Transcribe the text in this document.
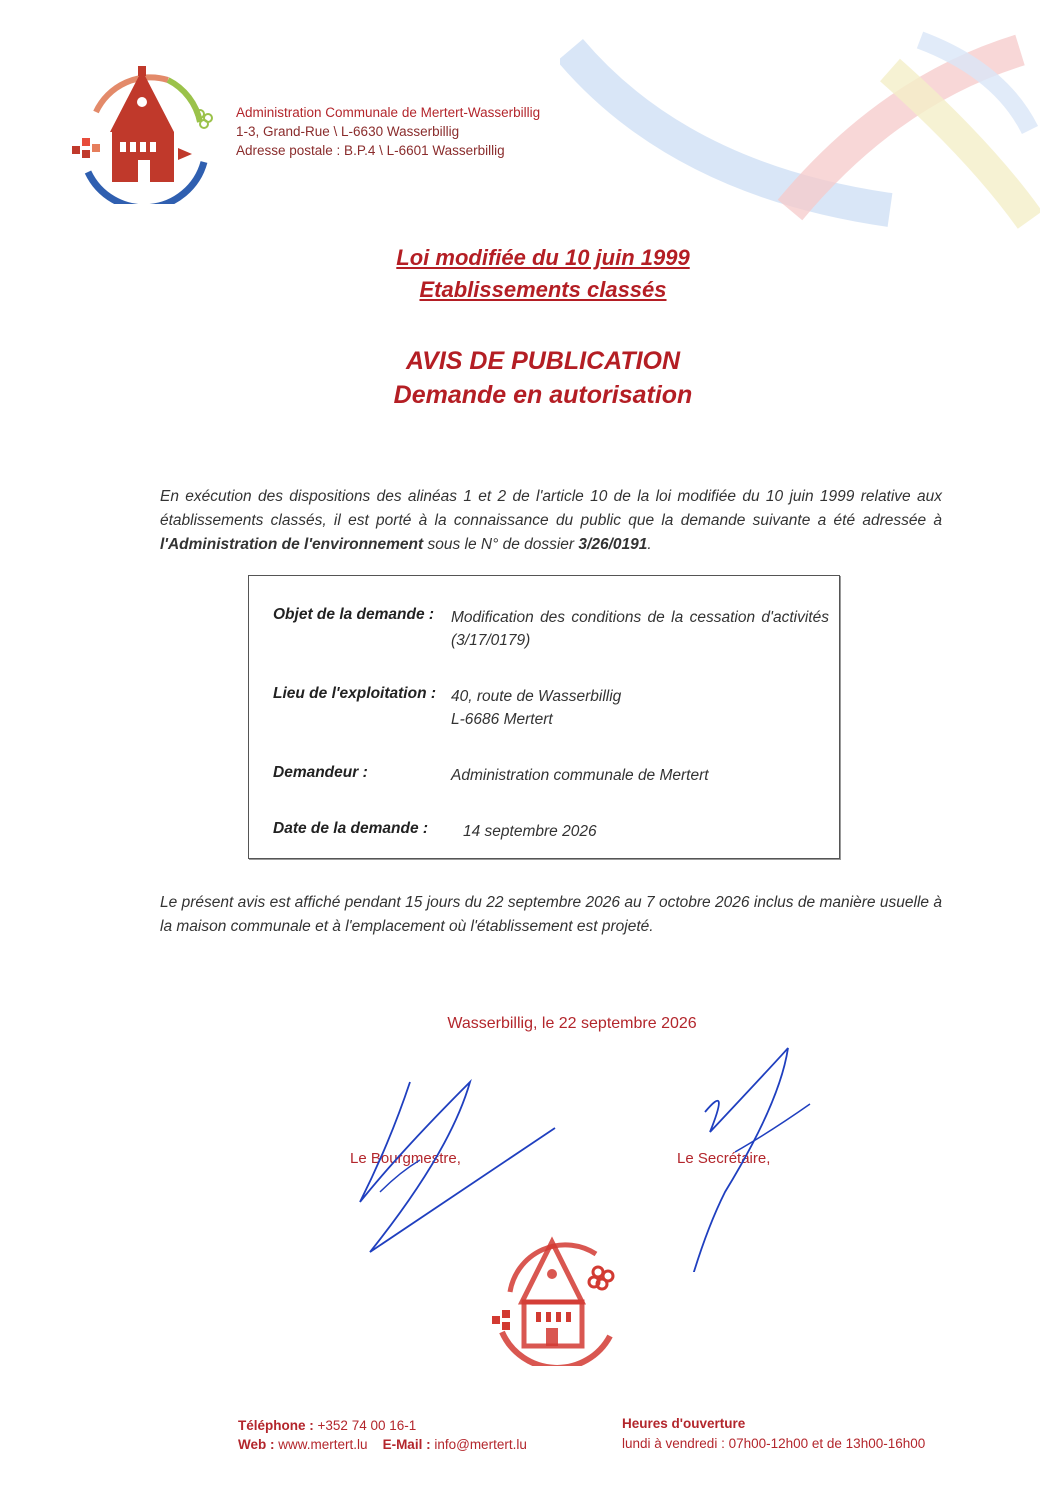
Administration Communale de Mertert-Wasserbillig
1-3, Grand-Rue \ L-6630 Wasserbillig
Adresse postale : B.P.4 \ L-6601 Wasserbillig
Loi modifiée du 10 juin 1999
Etablissements classés
AVIS DE PUBLICATION
Demande en autorisation
En exécution des dispositions des alinéas 1 et 2 de l'article 10 de la loi modifiée du 10 juin 1999 relative aux établissements classés, il est porté à la connaissance du public que la demande suivante a été adressée à l'Administration de l'environnement sous le N° de dossier 3/26/0191.
Objet de la demande : Modification des conditions de la cessation d'activités (3/17/0179)
Lieu de l'exploitation : 40, route de Wasserbillig
L-6686 Mertert
Demandeur :	Administration communale de Mertert
Date de la demande : 14 septembre 2026
Le présent avis est affiché pendant 15 jours du 22 septembre 2026 au 7 octobre 2026 inclus de manière usuelle à la maison communale et à l'emplacement où l'établissement est projeté.
Wasserbillig, le 22 septembre 2026
Le Bourgmestre,	Le Secrétaire,
Téléphone : +352 74 00 16-1
Web : www.mertert.lu E-Mail : info@mertert.lu
Heures d'ouverture
lundi à vendredi : 07h00-12h00 et de 13h00-16h00
